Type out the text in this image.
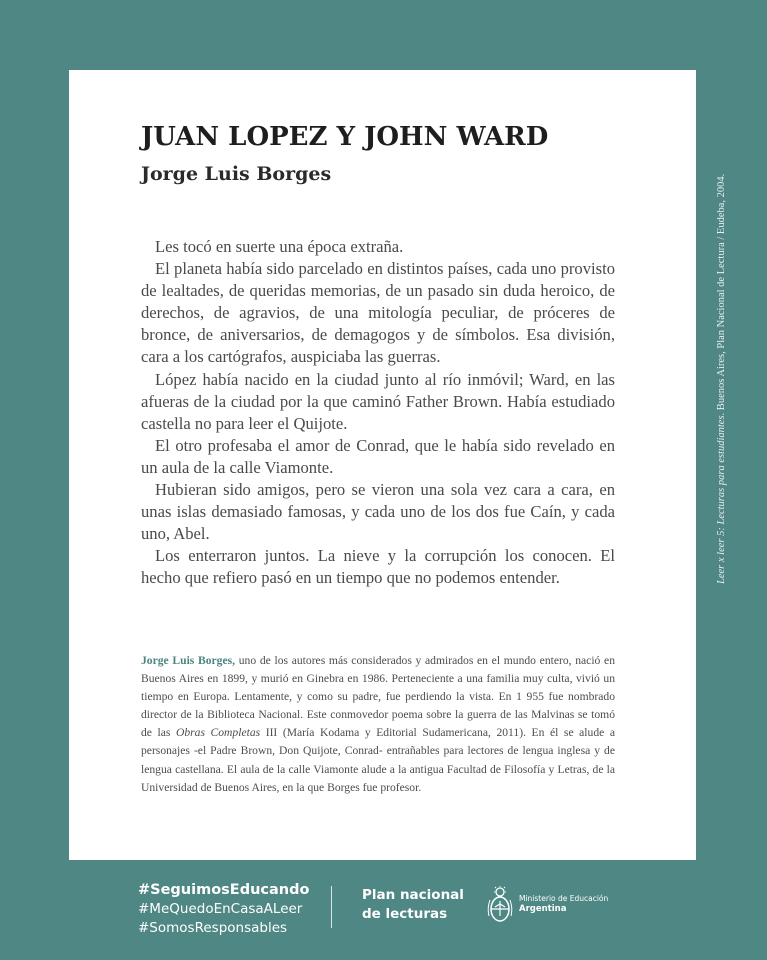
JUAN LOPEZ Y JOHN WARD
Jorge Luis Borges

Les tocó en suerte una época extraña.

El planeta había sido parcelado en distintos países, cada uno provisto de lealtades, de queridas memorias, de un pasado sin duda heroico, de derechos, de agravios, de una mitología peculiar, de próceres de bronce, de aniversarios, de demagogos y de símbolos. Esa división, cara a los cartógrafos, auspiciaba las guerras.

López había nacido en la ciudad junto al río inmóvil; Ward, en las afueras de la ciudad por la que caminó Father Brown. Había estudiado castella no para leer el Quijote.

El otro profesaba el amor de Conrad, que le había sido revelado en un aula de la calle Viamonte.

Hubieran sido amigos, pero se vieron una sola vez cara a cara, en unas islas demasiado famosas, y cada uno de los dos fue Caín, y cada uno, Abel.

Los enterraron juntos. La nieve y la corrupción los conocen. El hecho que refiero pasó en un tiempo que no podemos entender.

Jorge Luis Borges, uno de los autores más considerados y admirados en el mundo entero, nació en Buenos Aires en 1899, y murió en Ginebra en 1986. Perteneciente a una familia muy culta, vivió un tiempo en Europa. Lentamente, y como su padre, fue perdiendo la vista. En 1 955 fue nombrado director de la Biblioteca Nacional. Este conmovedor poema sobre la guerra de las Malvinas se tomó de las Obras Completas III (María Kodama y Editorial Sudamericana, 2011). En él se alude a personajes -el Padre Brown, Don Quijote, Conrad- entrañables para lectores de lengua inglesa y de lengua castellana. El aula de la calle Viamonte alude a la antigua Facultad de Filosofía y Letras, de la Universidad de Buenos Aires, en la que Borges fue profesor.

Leer x leer 5: Lecturas para estudiantes. Buenos Aires, Plan Nacional de Lectura / Eudeba, 2004.
#SeguimosEducando
#MeQuedoEnCasaALeer
#SomosResponsables
Plan nacional
de lecturas
Ministerio de Educación
Argentina
